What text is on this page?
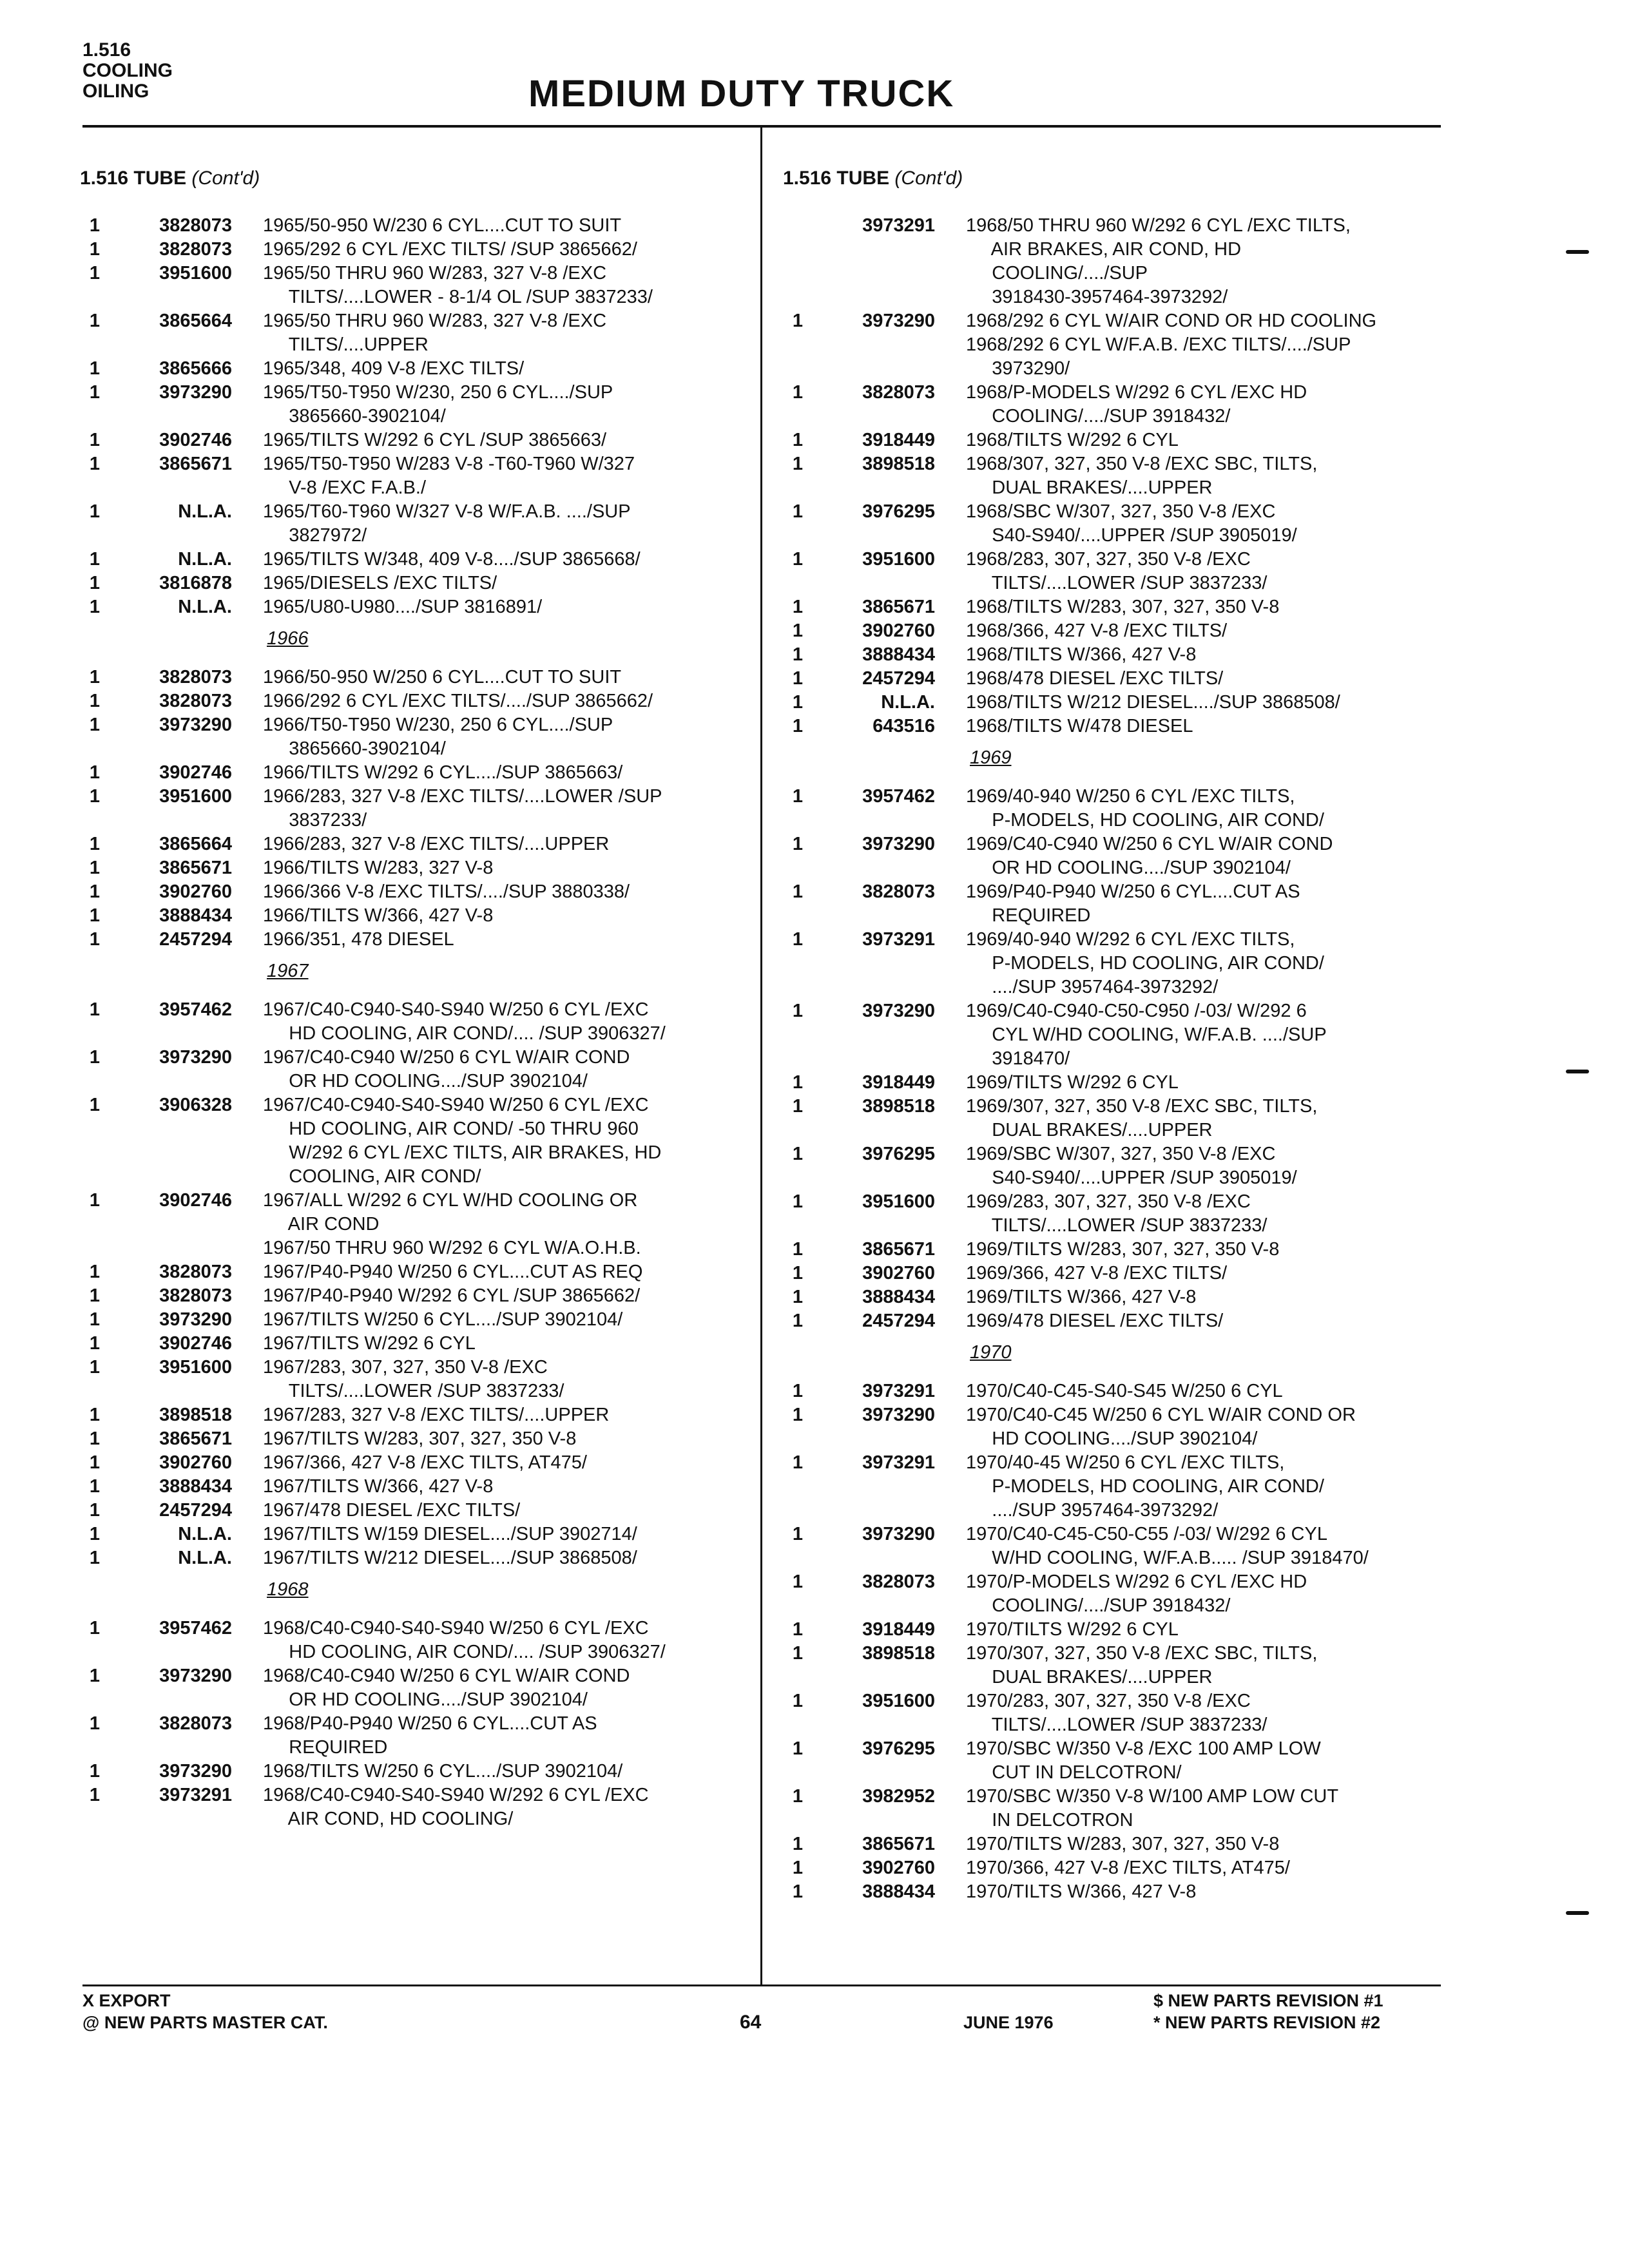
1.516
COOLING
OILING	MEDIUM DUTY TRUCK
1.516 TUBE (Cont'd)
1	3828073 1965/50-950 W/230 6 CYL....CUT TO SUIT
1	3828073 1965/292 6 CYL /EXC TILTS/ /SUP 3865662/
1	3951600 1965/50 THRU 960 W/283, 327 V-8 /EXC
TILTS/....LOWER - 8-1/4 OL /SUP 3837233/
1	3865664 1965/50 THRU 960 W/283, 327 V-8 /EXC
TILTS/....UPPER
1	3865666 1965/348, 409 V-8 /EXC TILTS/
1	3973290 1965/T50-T950 W/230, 250 6 CYL..../SUP
3865660-3902104/
1	3902746 1965/TILTS W/292 6 CYL /SUP 3865663/
1	3865671 1965/T50-T950 W/283 V-8 -T60-T960 W/327
V-8 /EXC F.A.B./
1	N.L.A. 1965/T60-T960 W/327 V-8 W/F.A.B. ..../SUP
3827972/
1	N.L.A. 1965/TILTS W/348, 409 V-8..../SUP 3865668/
1	3816878 1965/DIESELS /EXC TILTS/
1	N.L.A. 1965/U80-U980..../SUP 3816891/
1966
1	3828073 1966/50-950 W/250 6 CYL....CUT TO SUIT
1	3828073 1966/292 6 CYL /EXC TILTS/..../SUP 3865662/
1	3973290 1966/T50-T950 W/230, 250 6 CYL..../SUP
3865660-3902104/
1	3902746 1966/TILTS W/292 6 CYL..../SUP 3865663/
1	3951600 1966/283, 327 V-8 /EXC TILTS/....LOWER /SUP
3837233/
1	3865664 1966/283, 327 V-8 /EXC TILTS/....UPPER
1	3865671 1966/TILTS W/283, 327 V-8
1	3902760 1966/366 V-8 /EXC TILTS/..../SUP 3880338/
1	3888434 1966/TILTS W/366, 427 V-8
1	2457294 1966/351, 478 DIESEL
1967
1	3957462 1967/C40-C940-S40-S940 W/250 6 CYL /EXC
HD COOLING, AIR COND/.... /SUP 3906327/
1	3973290 1967/C40-C940 W/250 6 CYL W/AIR COND
OR HD COOLING..../SUP 3902104/
1	3906328 1967/C40-C940-S40-S940 W/250 6 CYL /EXC
HD COOLING, AIR COND/ -50 THRU 960
W/292 6 CYL /EXC TILTS, AIR BRAKES, HD
COOLING, AIR COND/
1	3902746 1967/ALL W/292 6 CYL W/HD COOLING OR
AIR COND
1967/50 THRU 960 W/292 6 CYL W/A.O.H.B.
1	3828073 1967/P40-P940 W/250 6 CYL....CUT AS REQ
1	3828073 1967/P40-P940 W/292 6 CYL /SUP 3865662/
1	3973290 1967/TILTS W/250 6 CYL..../SUP 3902104/
1	3902746 1967/TILTS W/292 6 CYL
1	3951600 1967/283, 307, 327, 350 V-8 /EXC
TILTS/....LOWER /SUP 3837233/
1	3898518 1967/283, 327 V-8 /EXC TILTS/....UPPER
1	3865671 1967/TILTS W/283, 307, 327, 350 V-8
1	3902760 1967/366, 427 V-8 /EXC TILTS, AT475/
1	3888434 1967/TILTS W/366, 427 V-8
1	2457294 1967/478 DIESEL /EXC TILTS/
1	N.L.A. 1967/TILTS W/159 DIESEL..../SUP 3902714/
1	N.L.A. 1967/TILTS W/212 DIESEL..../SUP 3868508/
1968
1	3957462 1968/C40-C940-S40-S940 W/250 6 CYL /EXC
HD COOLING, AIR COND/.... /SUP 3906327/
1	3973290 1968/C40-C940 W/250 6 CYL W/AIR COND
OR HD COOLING..../SUP 3902104/
1	3828073 1968/P40-P940 W/250 6 CYL....CUT AS
REQUIRED
1	3973290 1968/TILTS W/250 6 CYL..../SUP 3902104/
1	3973291 1968/C40-C940-S40-S940 W/292 6 CYL /EXC
AIR COND, HD COOLING/
1.516 TUBE (Cont'd)
3973291 1968/50 THRU 960 W/292 6 CYL /EXC TILTS,
AIR BRAKES, AIR COND, HD
COOLING/..../SUP
3918430-3957464-3973292/
1	3973290 1968/292 6 CYL W/AIR COND OR HD COOLING
1968/292 6 CYL W/F.A.B. /EXC TILTS/..../SUP
3973290/
1	3828073 1968/P-MODELS W/292 6 CYL /EXC HD
COOLING/..../SUP 3918432/
1	3918449 1968/TILTS W/292 6 CYL
1	3898518 1968/307, 327, 350 V-8 /EXC SBC, TILTS,
DUAL BRAKES/....UPPER
1	3976295 1968/SBC W/307, 327, 350 V-8 /EXC
S40-S940/....UPPER /SUP 3905019/
1	3951600 1968/283, 307, 327, 350 V-8 /EXC
TILTS/....LOWER /SUP 3837233/
1	3865671 1968/TILTS W/283, 307, 327, 350 V-8
1	3902760 1968/366, 427 V-8 /EXC TILTS/
1	3888434 1968/TILTS W/366, 427 V-8
1	2457294 1968/478 DIESEL /EXC TILTS/
1	N.L.A. 1968/TILTS W/212 DIESEL..../SUP 3868508/
1	643516 1968/TILTS W/478 DIESEL
1969
1	3957462 1969/40-940 W/250 6 CYL /EXC TILTS,
P-MODELS, HD COOLING, AIR COND/
1	3973290 1969/C40-C940 W/250 6 CYL W/AIR COND
OR HD COOLING..../SUP 3902104/
1	3828073 1969/P40-P940 W/250 6 CYL....CUT AS
REQUIRED
1	3973291 1969/40-940 W/292 6 CYL /EXC TILTS,
P-MODELS, HD COOLING, AIR COND/
..../SUP 3957464-3973292/
1	3973290 1969/C40-C940-C50-C950 /-03/ W/292 6
CYL W/HD COOLING, W/F.A.B. ..../SUP
3918470/
1	3918449 1969/TILTS W/292 6 CYL
1	3898518 1969/307, 327, 350 V-8 /EXC SBC, TILTS,
DUAL BRAKES/....UPPER
1	3976295 1969/SBC W/307, 327, 350 V-8 /EXC
S40-S940/....UPPER /SUP 3905019/
1	3951600 1969/283, 307, 327, 350 V-8 /EXC
TILTS/....LOWER /SUP 3837233/
1	3865671 1969/TILTS W/283, 307, 327, 350 V-8
1	3902760 1969/366, 427 V-8 /EXC TILTS/
1	3888434 1969/TILTS W/366, 427 V-8
1	2457294 1969/478 DIESEL /EXC TILTS/
1970
1	3973291 1970/C40-C45-S40-S45 W/250 6 CYL
1	3973290 1970/C40-C45 W/250 6 CYL W/AIR COND OR
HD COOLING..../SUP 3902104/
1	3973291 1970/40-45 W/250 6 CYL /EXC TILTS,
P-MODELS, HD COOLING, AIR COND/
..../SUP 3957464-3973292/
1	3973290 1970/C40-C45-C50-C55 /-03/ W/292 6 CYL
W/HD COOLING, W/F.A.B..... /SUP 3918470/
1	3828073 1970/P-MODELS W/292 6 CYL /EXC HD
COOLING/..../SUP 3918432/
1	3918449 1970/TILTS W/292 6 CYL
1	3898518 1970/307, 327, 350 V-8 /EXC SBC, TILTS,
DUAL BRAKES/....UPPER
1	3951600 1970/283, 307, 327, 350 V-8 /EXC
TILTS/....LOWER /SUP 3837233/
1	3976295 1970/SBC W/350 V-8 /EXC 100 AMP LOW
CUT IN DELCOTRON/
1	3982952 1970/SBC W/350 V-8 W/100 AMP LOW CUT
IN DELCOTRON
1	3865671 1970/TILTS W/283, 307, 327, 350 V-8
1	3902760 1970/366, 427 V-8 /EXC TILTS, AT475/
1	3888434 1970/TILTS W/366, 427 V-8
X EXPORT
@ NEW PARTS MASTER CAT.	64	JUNE 1976
$ NEW PARTS REVISION #1
* NEW PARTS REVISION #2
